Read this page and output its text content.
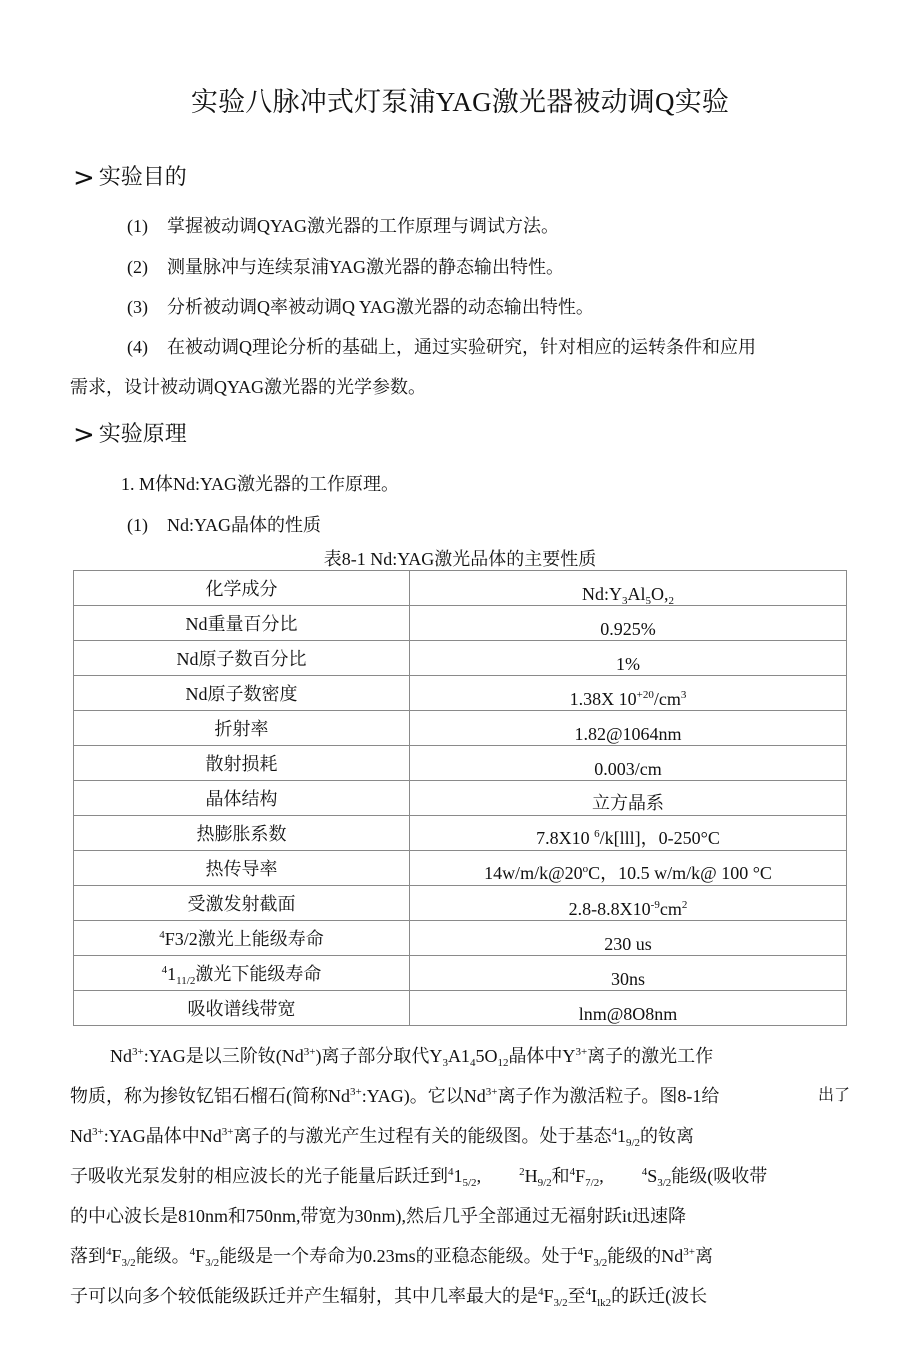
实验八脉冲式灯泵浦YAG激光器被动调Q实验
> 实验目的
(1) 掌握被动调QYAG激光器的工作原理与调试方法。
(2) 测量脉冲与连续泵浦YAG激光器的静态输出特性。
(3) 分析被动调Q率被动调Q YAG激光器的动态输出特性。
(4) 在被动调Q理论分析的基础上，通过实验研究，针对相应的运转条件和应用
需求，设计被动调QYAG激光器的光学参数。
> 实验原理
1. M体Nd:YAG激光器的工作原理。
(1) Nd:YAG晶体的性质
表8-1 Nd:YAG激光品体的主要性质
化学成分	$Nd:Y_3Al_5O,_2$
Nd重量百分比	0.925%
Nd原子数百分比	1%
Nd原子数密度	1.38X $10^{+20}/cm^3$
折射率	1.82@1064nm
散射损耗	0.003/cm
晶体结构	立方晶系
热膨胀系数	7.8X10 $^6$/k[lll]，0-250°C
热传导率	14w/m/k@20$^o$C，10.5 w/m/k@ 100 °C
受激发射截面	$2.8-8.8X10^{-9}cm^2$
$^4$F3/2激光上能级寿命	230 us
$^41_{11/2}$激光下能级寿命	30ns
吸收谱线带宽	lnm@8O8nm
$Nd^{3+}:YAG$是以三阶钕$(Nd^{3+})$离子部分取代$Y_3A1_45O_{12}$晶体中$Y^{3+}$离子的激光工作
物质，称为掺钕钇铝石榴石(简称$Nd^{3+}:YAG$)。它以$Nd^{3+}$离子作为激活粒子。图8-1给	出了
$Nd^{3+}:YAG$晶体中$Nd^{3+}$离子的与激光产生过程有关的能级图。处于基态$^41_{9/2}$的钕离
子吸收光泵发射的相应波长的光子能量后跃迁到$^41_{5/2}$,	$^2H_{9/2}$和$^4F_{7/2}$,	$^4S_{3/2}$能级(吸收带
的中心波长是810nm和750nm,带宽为30nm),然后几乎全部通过无福射跃it迅速降
落到$^4F_{3/2}$能级。$^4F_{3/2}$能级是一个寿命为0.23ms的亚稳态能级。处于$^4F_{3/2}$能级的$Nd^{3+}$离
子可以向多个较低能级跃迁并产生辐射，其中几率最大的是$^4F_{3/2}$至$^4I_{lk2}$的跃迁(波长
